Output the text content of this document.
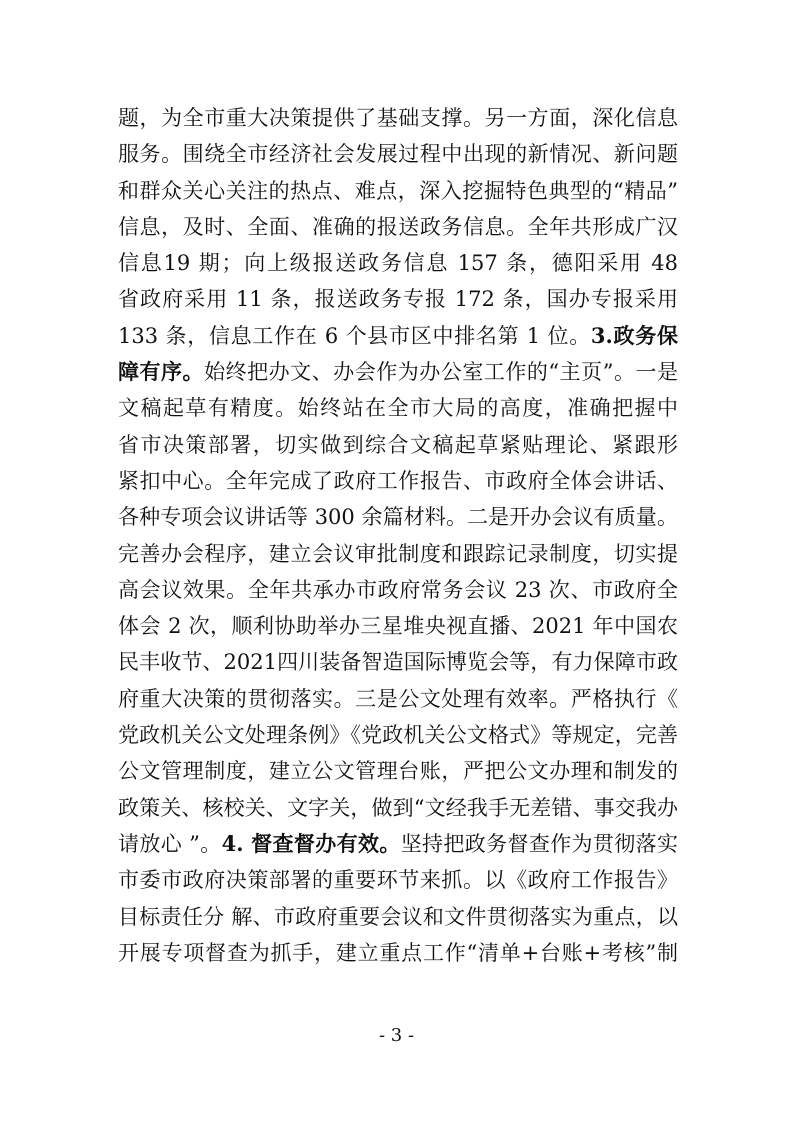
题，为全市重大决策提供了基础支撑。另一方面，深化信息
服务。围绕全市经济社会发展过程中出现的新情况、新问题
和群众关心关注的热点、难点，深入挖掘特色典型的“精品”
信息，及时、全面、准确的报送政务信息。全年共形成广汉
信息19 期；向上级报送政务信息 157 条，德阳采用 48
省政府采用 11 条，报送政务专报 172 条，国办专报采用
133 条，信息工作在 6 个县市区中排名第 1 位。3.政务保
障有序。始终把办文、办会作为办公室工作的“主页”。一是
文稿起草有精度。始终站在全市大局的高度，准确把握中
省市决策部署，切实做到综合文稿起草紧贴理论、紧跟形
紧扣中心。全年完成了政府工作报告、市政府全体会讲话、
各种专项会议讲话等 300 余篇材料。二是开办会议有质量。
完善办会程序，建立会议审批制度和跟踪记录制度，切实提
高会议效果。全年共承办市政府常务会议 23 次、市政府全
体会 2 次，顺利协助举办三星堆央视直播、2021 年中国农
民丰收节、2021四川装备智造国际博览会等，有力保障市政
府重大决策的贯彻落实。三是公文处理有效率。严格执行《
党政机关公文处理条例》《党政机关公文格式》等规定，完善
公文管理制度，建立公文管理台账，严把公文办理和制发的
政策关、核校关、文字关，做到“文经我手无差错、事交我办
请放心 ”。4. 督查督办有效。坚持把政务督查作为贯彻落实
市委市政府决策部署的重要环节来抓。以《政府工作报告》
目标责任分 解、市政府重要会议和文件贯彻落实为重点，以
开展专项督查为抓手，建立重点工作“清单+台账+考核”制
- 3 -
